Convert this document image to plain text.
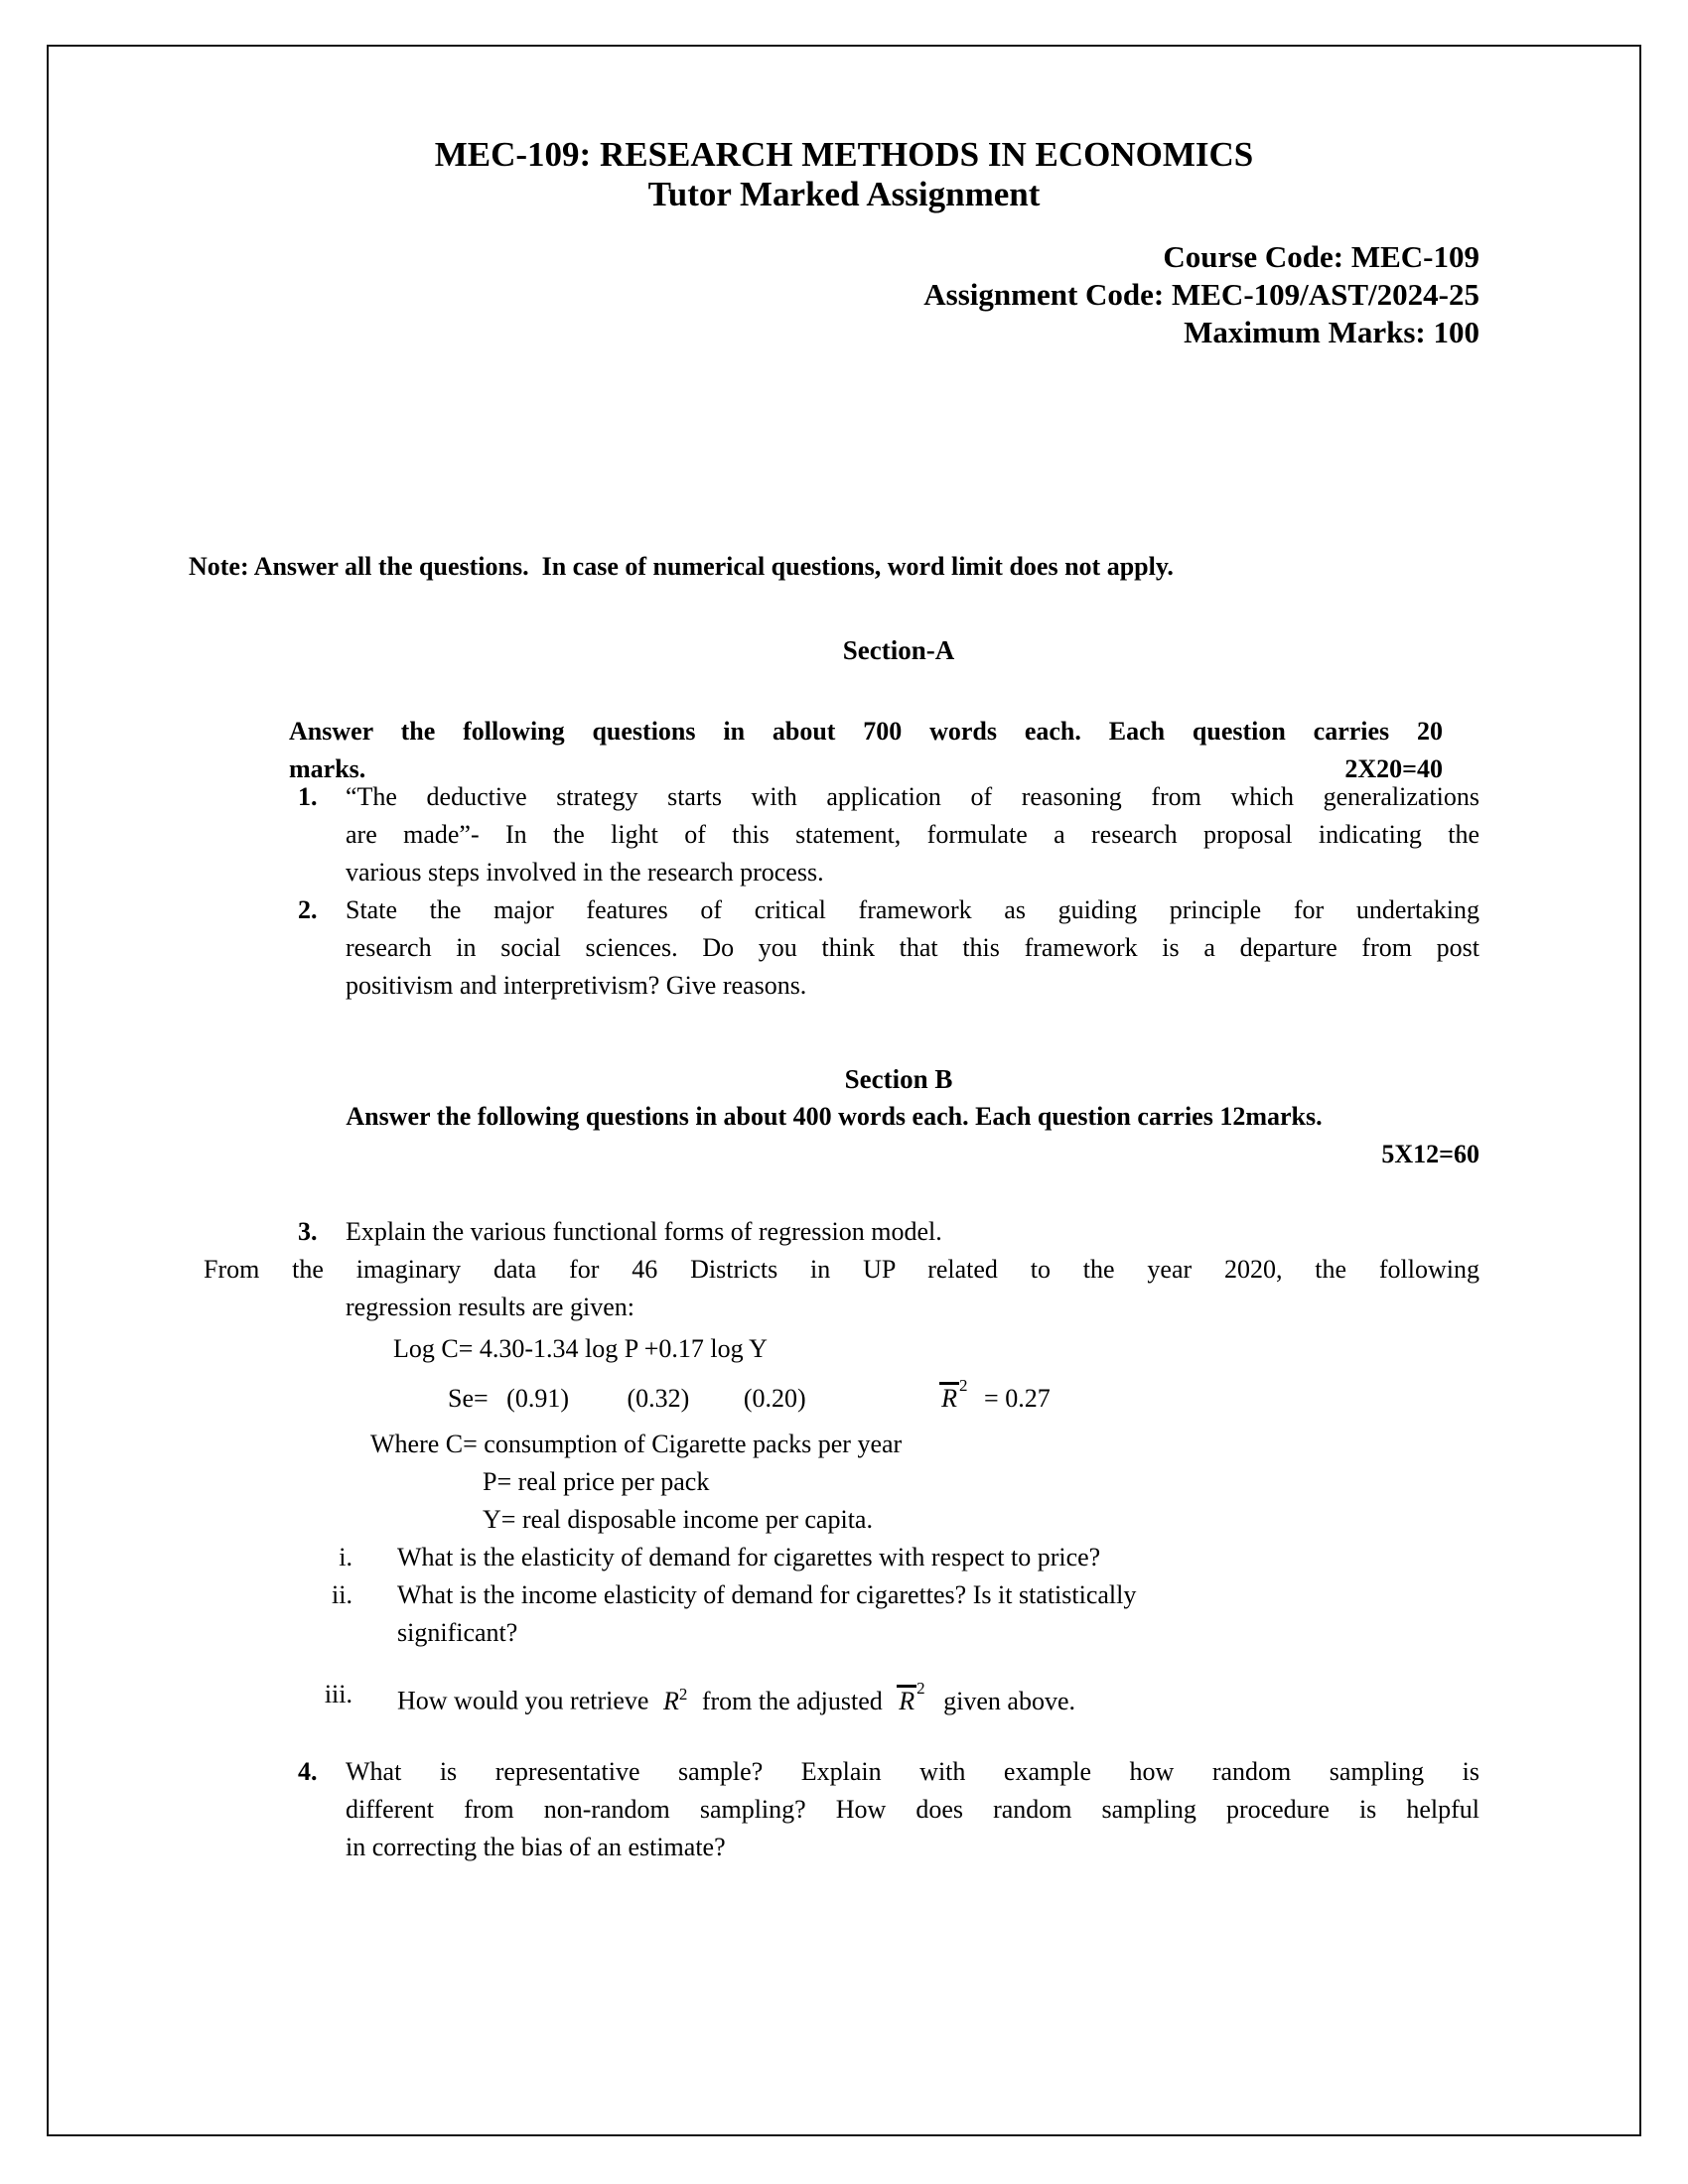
MEC-109: RESEARCH METHODS IN ECONOMICS
Tutor Marked Assignment
Course Code: MEC-109
Assignment Code: MEC-109/AST/2024-25
Maximum Marks: 100
Note: Answer all the questions.  In case of numerical questions, word limit does not apply.
Section-A
Answer the following questions in about 700 words each. Each question carries 20
marks.	2X20=40
1.	“The deductive strategy starts with application of reasoning from which generalizations
are made”- In the light of this statement, formulate a research proposal indicating the
various steps involved in the research process.
2.	State the major features of critical framework as guiding principle for undertaking
research in social sciences. Do you think that this framework is a departure from post
positivism and interpretivism? Give reasons.
Section B
Answer the following questions in about 400 words each. Each question carries 12marks.
5X12=60
3.	Explain the various functional forms of regression model.
From the imaginary data for 46 Districts in UP related to the year 2020, the following
regression results are given:
Log C= 4.30-1.34 log P +0.17 log Y
Se= (0.91) (0.32) (0.20)	R $^2$ = 0.27
Where C= consumption of Cigarette packs per year
P= real price per pack
Y= real disposable income per capita.
i. What is the elasticity of demand for cigarettes with respect to price?
ii. What is the income elasticity of demand for cigarettes? Is it statistically
significant?
iii. How would you retrieve $R^2$ from the adjusted R $^2$ given above.
4.	What is representative sample? Explain with example how random sampling is
different from non-random sampling? How does random sampling procedure is helpful
in correcting the bias of an estimate?
